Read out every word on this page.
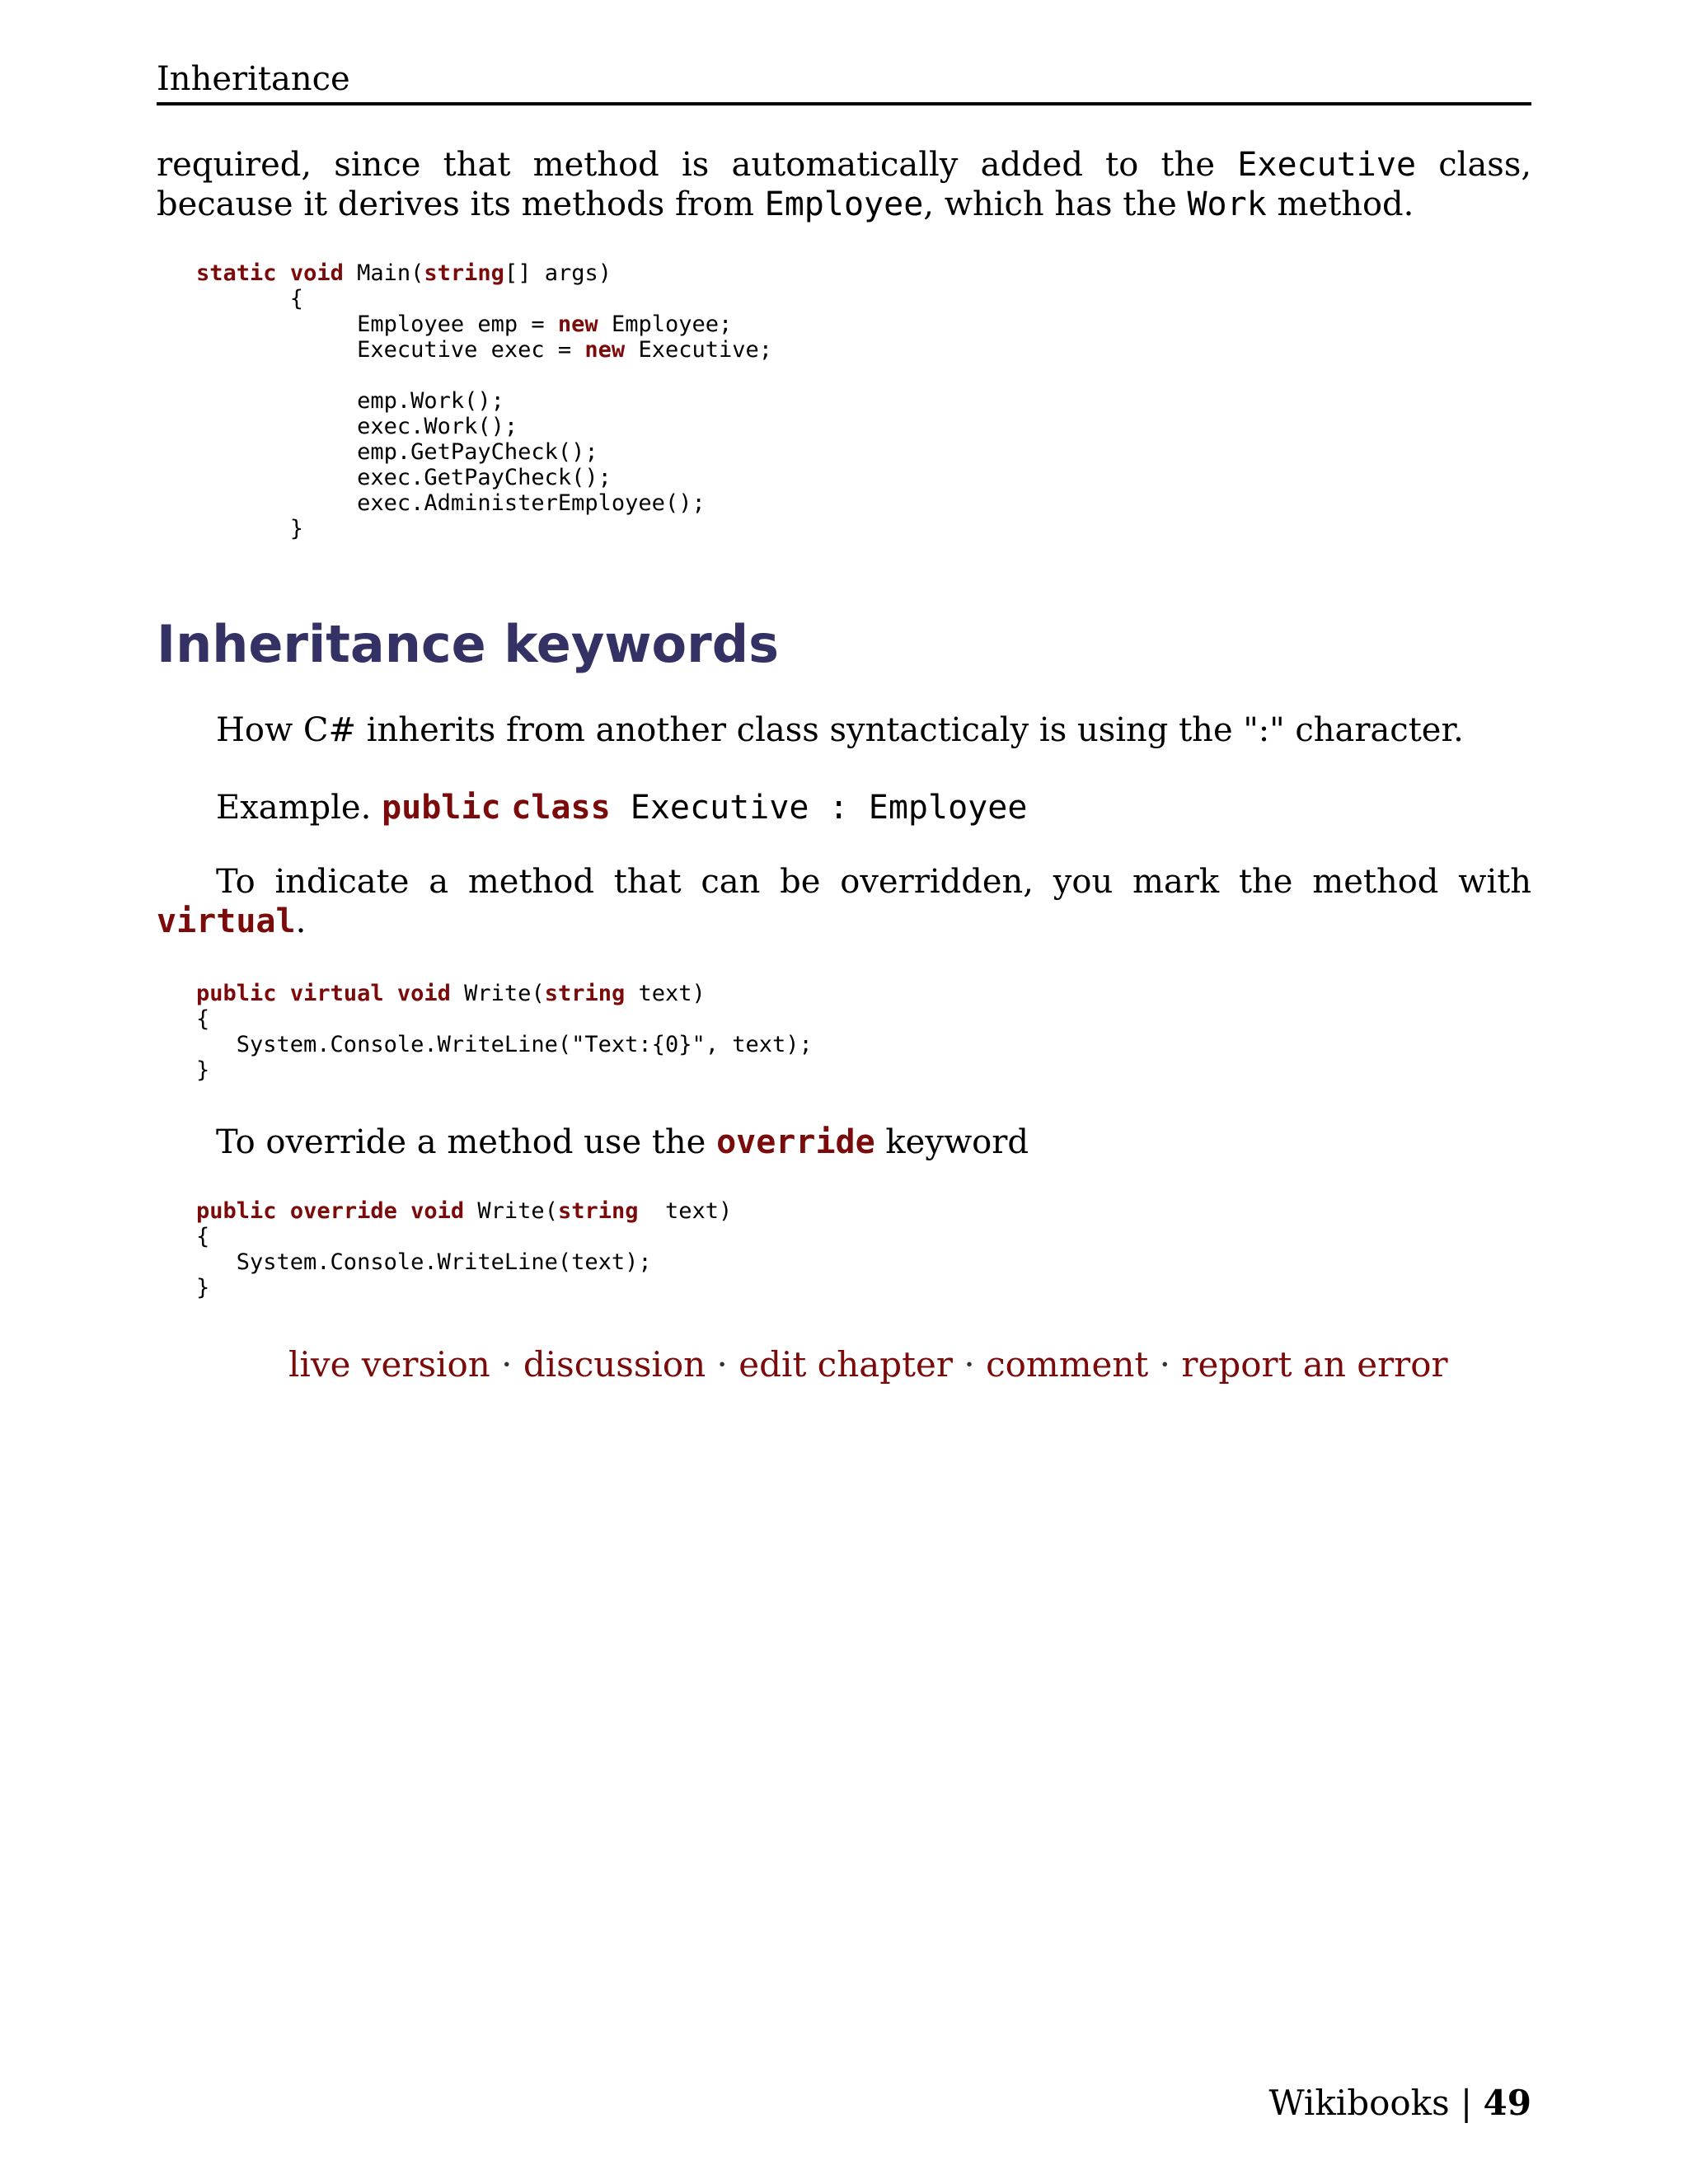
Inheritance
required, since that method is automatically added to the Executive class,
because it derives its methods from Employee, which has the Work method.
static void Main(string[] args)
{
Employee emp = new Employee;
Executive exec = new Executive;
emp.Work();
exec.Work();
emp.GetPayCheck();
exec.GetPayCheck();
exec.AdministerEmployee();
}
Inheritance keywords
How C# inherits from another class syntacticaly is using the ":" character.
Example. public class Executive : Employee
To indicate a method that can be overridden, you mark the method with
virtual.
public virtual void Write(string text)
{
System.Console.WriteLine("Text:{0}", text);
}
To override a method use the override keyword
public override void Write(string  text)
{
System.Console.WriteLine(text);
}
live version · discussion · edit chapter · comment · report an error
Wikibooks | 49
